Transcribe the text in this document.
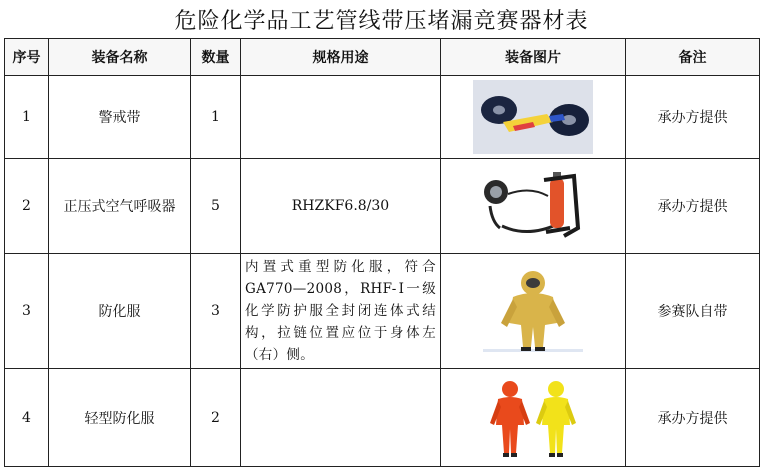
危险化学品工艺管线带压堵漏竞赛器材表
序号	装备名称	数量	规格用途	装备图片	备注
1	警戒带	1			承办方提供
2	正压式空气呼吸器	5	RHZKF6.8/30		承办方提供
3	防化服	3	内置式重型防化服，符合GA770—2008，RHF-Ⅰ一级化学防护服全封闭连体式结构，拉链位置应位于身体左（右）侧。		参赛队自带
4	轻型防化服	2			承办方提供
